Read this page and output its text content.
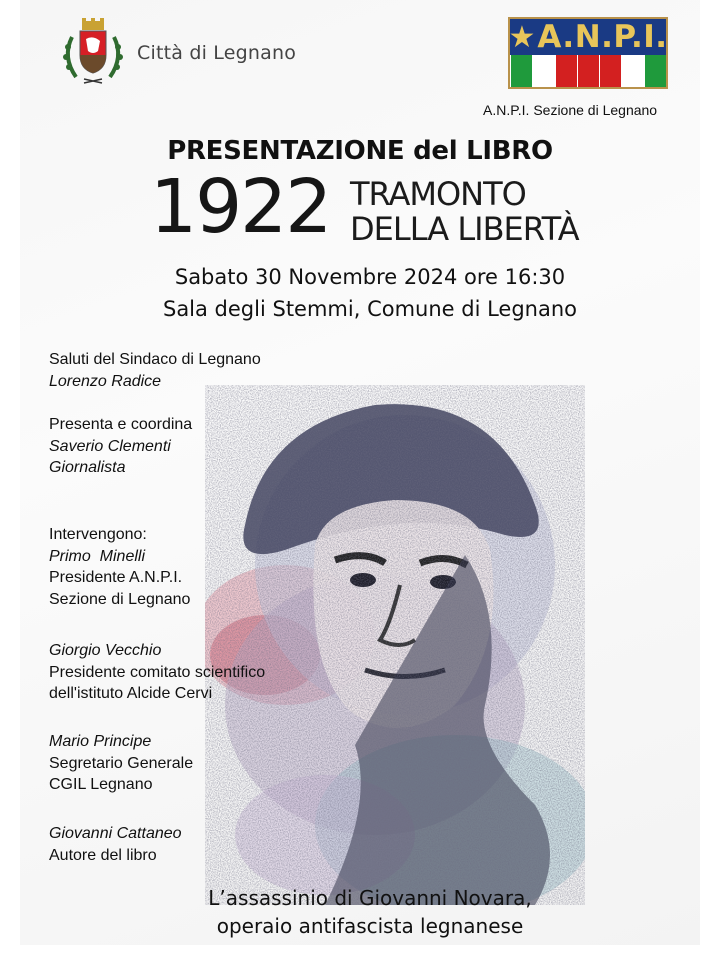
Città di Legnano	★ A.N.P.I.
A.N.P.I. Sezione di Legnano
PRESENTAZIONE del LIBRO
1922 TRAMONTO
DELLA LIBERTÀ
Sabato 30 Novembre 2024 ore 16:30
Sala degli Stemmi, Comune di Legnano
Saluti del Sindaco di Legnano
Lorenzo Radice
Presenta e coordina
Saverio Clementi
Giornalista
Intervengono:
Primo  Minelli
Presidente A.N.P.I.
Sezione di Legnano
Giorgio Vecchio
Presidente comitato scientifico
dell'istituto Alcide Cervi
Mario Principe
Segretario Generale
CGIL Legnano
Giovanni Cattaneo
Autore del libro
L’assassinio di Giovanni Novara,
operaio antifascista legnanese
